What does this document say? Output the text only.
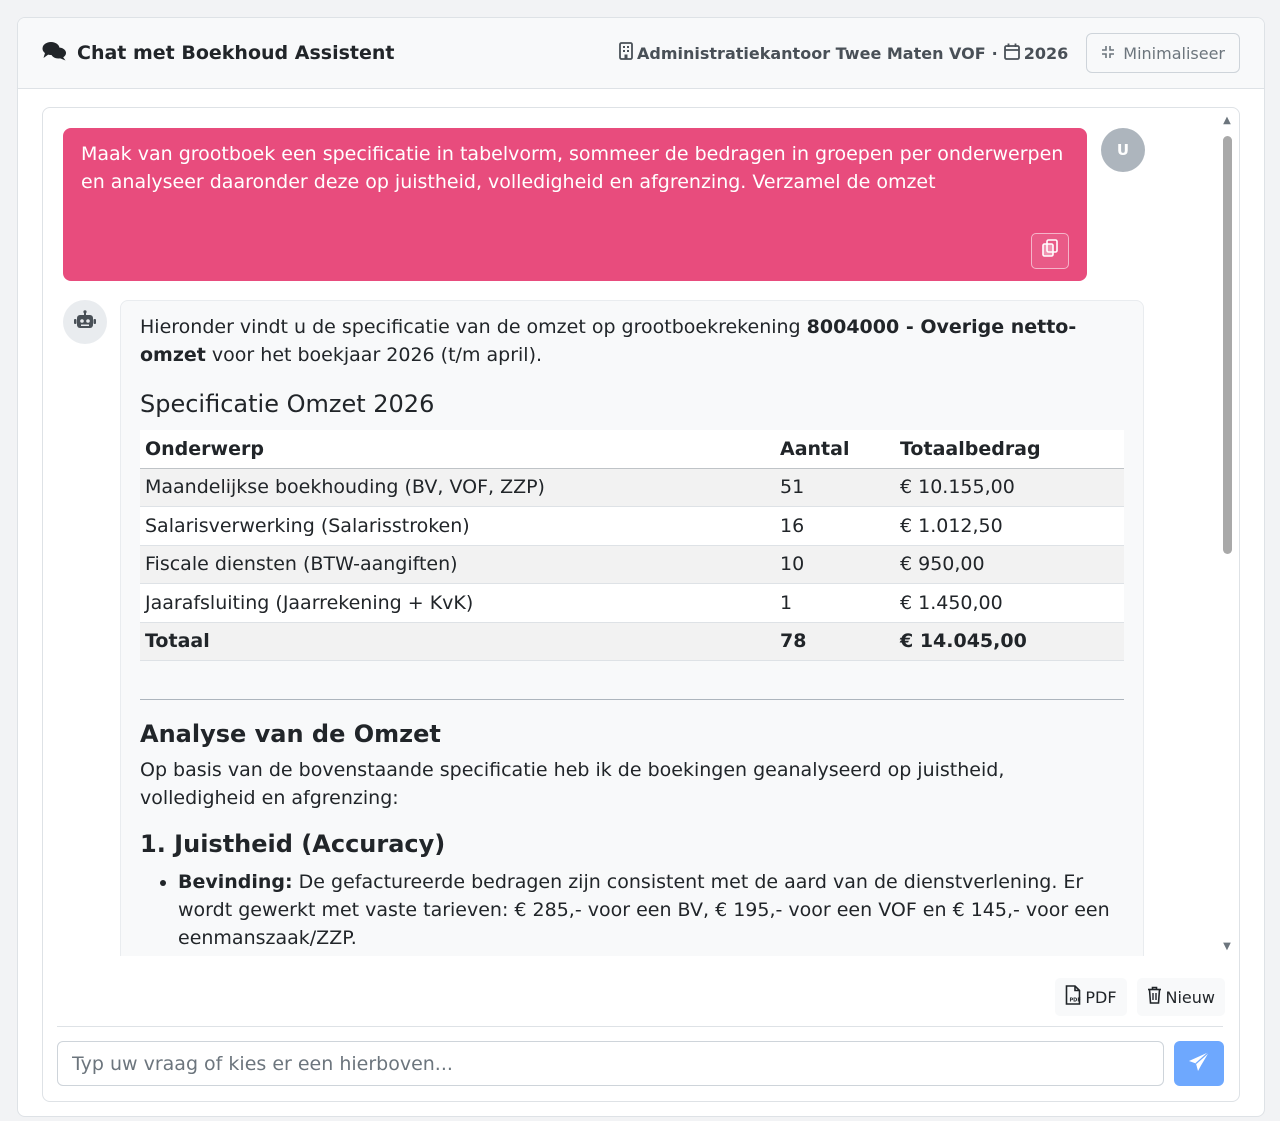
Chat met Boekhoud Assistent	Administratiekantoor Twee Maten VOF · 2026	Minimaliseer
Maak van grootboek een specificatie in tabelvorm, sommeer de bedragen in groepen per onderwerpen en analyseer daaronder deze op juistheid, volledigheid en afgrenzing. Verzamel de omzet
U

Hieronder vindt u de specificatie van de omzet op grootboekrekening 8004000 - Overige netto-omzet voor het boekjaar 2026 (t/m april).

Specificatie Omzet 2026
Onderwerp	Aantal	Totaalbedrag
Maandelijkse boekhouding (BV, VOF, ZZP)	51	€ 10.155,00
Salarisverwerking (Salarisstroken)	16	€ 1.012,50
Fiscale diensten (BTW-aangiften)	10	€ 950,00
Jaarafsluiting (Jaarrekening + KvK)	1	€ 1.450,00
Totaal	78	€ 14.045,00
Analyse van de Omzet

Op basis van de bovenstaande specificatie heb ik de boekingen geanalyseerd op juistheid, volledigheid en afgrenzing:

1. Juistheid (Accuracy)
• Bevinding: De gefactureerde bedragen zijn consistent met de aard van de dienstverlening. Er wordt gewerkt met vaste tarieven: € 285,- voor een BV, € 195,- voor een VOF en € 145,- voor een eenmanszaak/ZZP.
▲
▼
PDF PDF	Nieuw
Typ uw vraag of kies er een hierboven...
